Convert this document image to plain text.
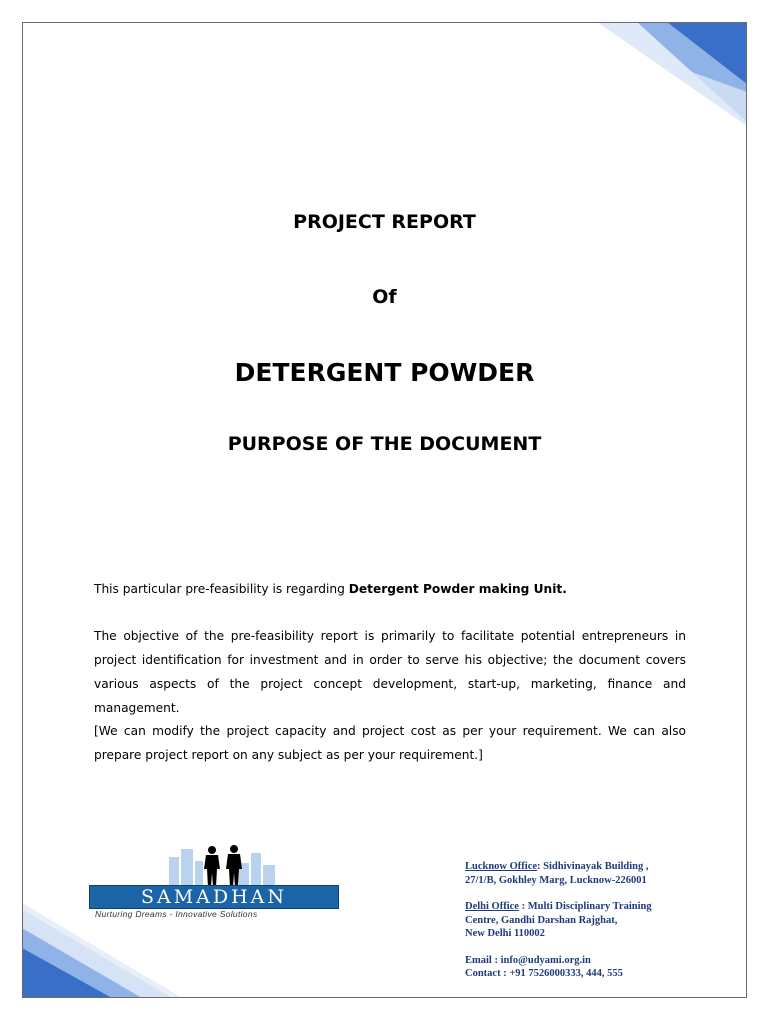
PROJECT REPORT
Of
DETERGENT POWDER
PURPOSE OF THE DOCUMENT
This particular pre-feasibility is regarding Detergent Powder making Unit.
The objective of the pre-feasibility report is primarily to facilitate potential entrepreneurs in project identification for investment and in order to serve his objective; the document covers various aspects of the project concept development, start-up, marketing, finance and management.
[We can modify the project capacity and project cost as per your requirement. We can also prepare project report on any subject as per your requirement.]
SAMADHAN
Nurturing Dreams - Innovative Solutions
Lucknow Office: Sidhivinayak Building ,
27/1/B, Gokhley Marg, Lucknow-226001
Delhi Office : Multi Disciplinary Training
Centre, Gandhi Darshan Rajghat,
New Delhi 110002
Email : info@udyami.org.in
Contact : +91 7526000333, 444, 555
